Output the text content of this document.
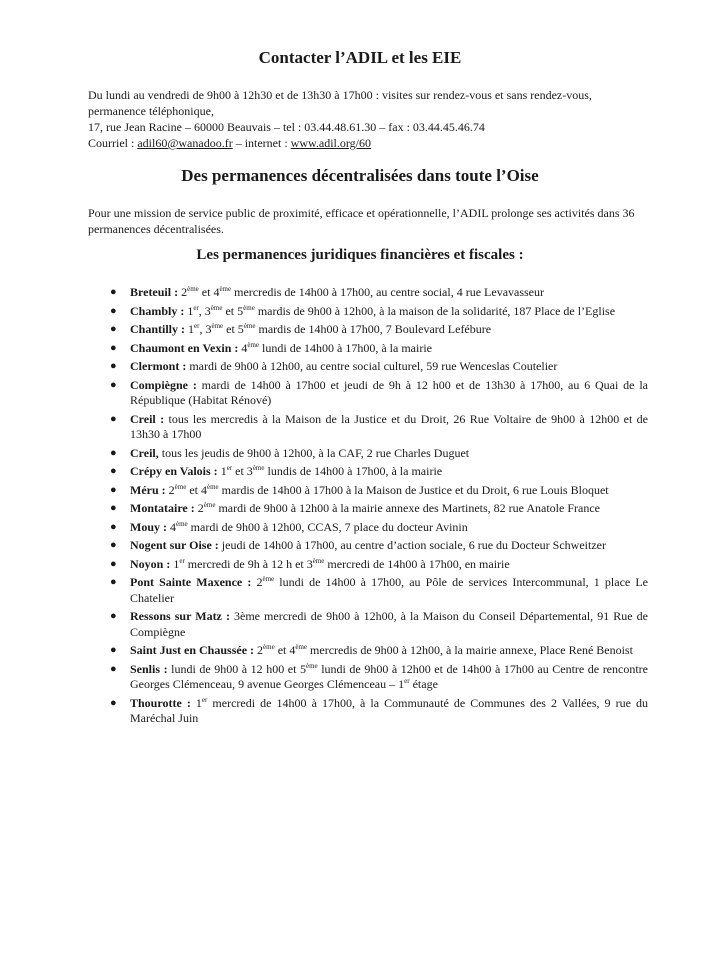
Contacter l’ADIL et les EIE

Du lundi au vendredi de 9h00 à 12h30 et de 13h30 à 17h00 : visites sur rendez-vous et sans rendez-vous, permanence téléphonique,
17, rue Jean Racine – 60000 Beauvais – tel : 03.44.48.61.30 – fax : 03.44.45.46.74
Courriel : adil60@wanadoo.fr – internet : www.adil.org/60

Des permanences décentralisées dans toute l’Oise

Pour une mission de service public de proximité, efficace et opérationnelle, l’ADIL prolonge ses activités dans 36 permanences décentralisées.

Les permanences juridiques financières et fiscales :
● Breteuil : 2ème et 4ème mercredis de 14h00 à 17h00, au centre social, 4 rue Levavasseur
● Chambly : 1er, 3ème et 5ème mardis de 9h00 à 12h00, à la maison de la solidarité, 187 Place de l’Eglise
● Chantilly : 1er, 3ème et 5ème mardis de 14h00 à 17h00, 7 Boulevard Lefébure
● Chaumont en Vexin : 4ème lundi de 14h00 à 17h00, à la mairie
● Clermont : mardi de 9h00 à 12h00, au centre social culturel, 59 rue Wenceslas Coutelier
● Compiègne : mardi de 14h00 à 17h00 et jeudi de 9h à 12 h00 et de 13h30 à 17h00, au 6 Quai de la République (Habitat Rénové)
● Creil : tous les mercredis à la Maison de la Justice et du Droit, 26 Rue Voltaire de 9h00 à 12h00 et de 13h30 à 17h00
● Creil, tous les jeudis de 9h00 à 12h00, à la CAF, 2 rue Charles Duguet
● Crépy en Valois : 1er et 3ème lundis de 14h00 à 17h00, à la mairie
● Méru : 2ème et 4ème mardis de 14h00 à 17h00 à la Maison de Justice et du Droit, 6 rue Louis Bloquet
● Montataire : 2ème mardi de 9h00 à 12h00 à la mairie annexe des Martinets, 82 rue Anatole France
● Mouy : 4ème mardi de 9h00 à 12h00, CCAS, 7 place du docteur Avinin
● Nogent sur Oise : jeudi de 14h00 à 17h00, au centre d’action sociale, 6 rue du Docteur Schweitzer
● Noyon : 1er mercredi de 9h à 12 h et 3ème mercredi de 14h00 à 17h00, en mairie
● Pont Sainte Maxence : 2ème lundi de 14h00 à 17h00, au Pôle de services Intercommunal, 1 place Le Chatelier
● Ressons sur Matz : 3ème mercredi de 9h00 à 12h00, à la Maison du Conseil Départemental, 91 Rue de Compiègne
● Saint Just en Chaussée : 2ème et 4ème mercredis de 9h00 à 12h00, à la mairie annexe, Place René Benoist
● Senlis : lundi de 9h00 à 12 h00 et 5ème lundi de 9h00 à 12h00 et de 14h00 à 17h00 au Centre de rencontre Georges Clémenceau, 9 avenue Georges Clémenceau – 1er étage
● Thourotte : 1er mercredi de 14h00 à 17h00, à la Communauté de Communes des 2 Vallées, 9 rue du Maréchal Juin
